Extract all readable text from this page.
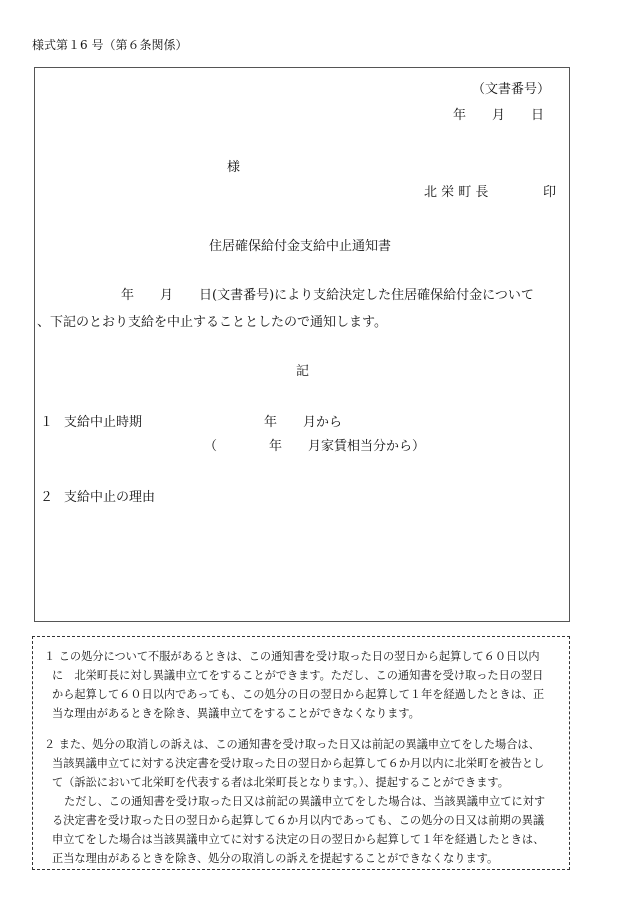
様式第１6 号（第６条関係）
（文書番号）
年　　月　　日
様
北 栄 町 長	印
住居確保給付金支給中止通知書
年　　月　　日(文書番号)により支給決定した住居確保給付金について
、下記のとおり支給を中止することとしたので通知します。
記
１ 支給中止時期	年　　月から
（　　　　年　　月家賃相当分から）
２ 支給中止の理由
１ この処分について不服があるときは、この通知書を受け取った日の翌日から起算して６０日以内
に　北栄町長に対し異議申立てをすることができます。ただし、この通知書を受け取った日の翌日
から起算して６０日以内であっても、この処分の日の翌日から起算して１年を経過したときは、正
当な理由があるときを除き、異議申立てをすることができなくなります。
２ また、処分の取消しの訴えは、この通知書を受け取った日又は前記の異議申立てをした場合は、
当該異議申立てに対する決定書を受け取った日の翌日から起算して６か月以内に北栄町を被告とし
て（訴訟において北栄町を代表する者は北栄町長となります。）、提起することができます。
ただし、この通知書を受け取った日又は前記の異議申立てをした場合は、当該異議申立てに対す
る決定書を受け取った日の翌日から起算して６か月以内であっても、この処分の日又は前期の異議
申立てをした場合は当該異議申立てに対する決定の日の翌日から起算して１年を経過したときは、
正当な理由があるときを除き、処分の取消しの訴えを提起することができなくなります。
